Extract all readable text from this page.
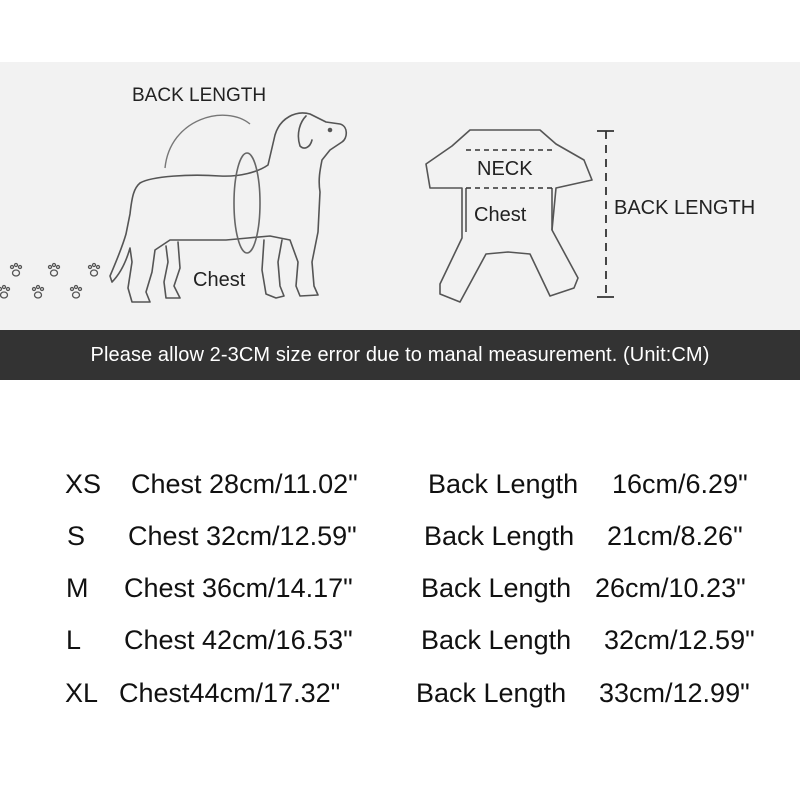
BACK LENGTH
Chest
NECK
Chest	BACK LENGTH
Please allow 2-3CM size error due to manal measurement. (Unit:CM)
XS Chest 28cm/11.02"	Back Length 16cm/6.29"
S Chest 32cm/12.59" Back Length 21cm/8.26"
M Chest 36cm/14.17"	Back Length 26cm/10.23"
L Chest 42cm/16.53"	Back Length 32cm/12.59"
XL Chest44cm/17.32"	Back Length 33cm/12.99"
